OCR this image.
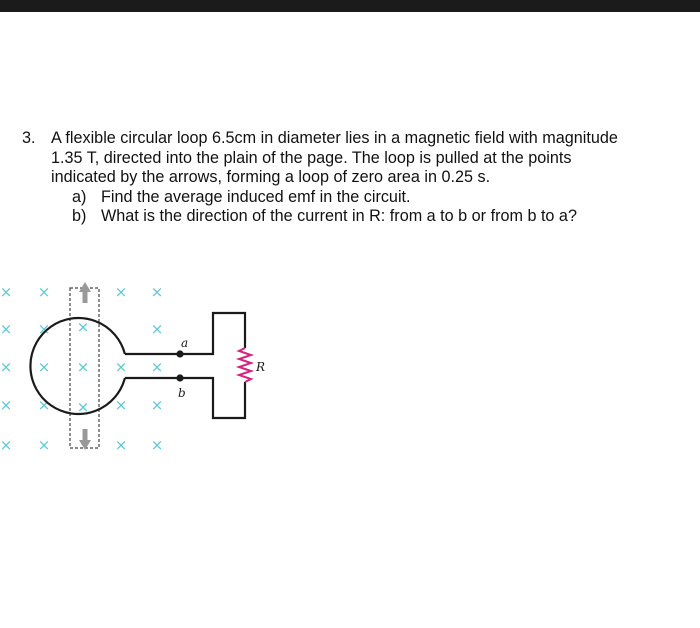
3. A flexible circular loop 6.5cm in diameter lies in a magnetic field with magnitude
1.35 T, directed into the plain of the page. The loop is pulled at the points
indicated by the arrows, forming a loop of zero area in 0.25 s.
a) Find the average induced emf in the circuit.
b) What is the direction of the current in R: from a to b or from b to a?
× ×	× ×
× × ×	×
× × × × ×
× × × × ×
× ×	× ×
a
b
R
